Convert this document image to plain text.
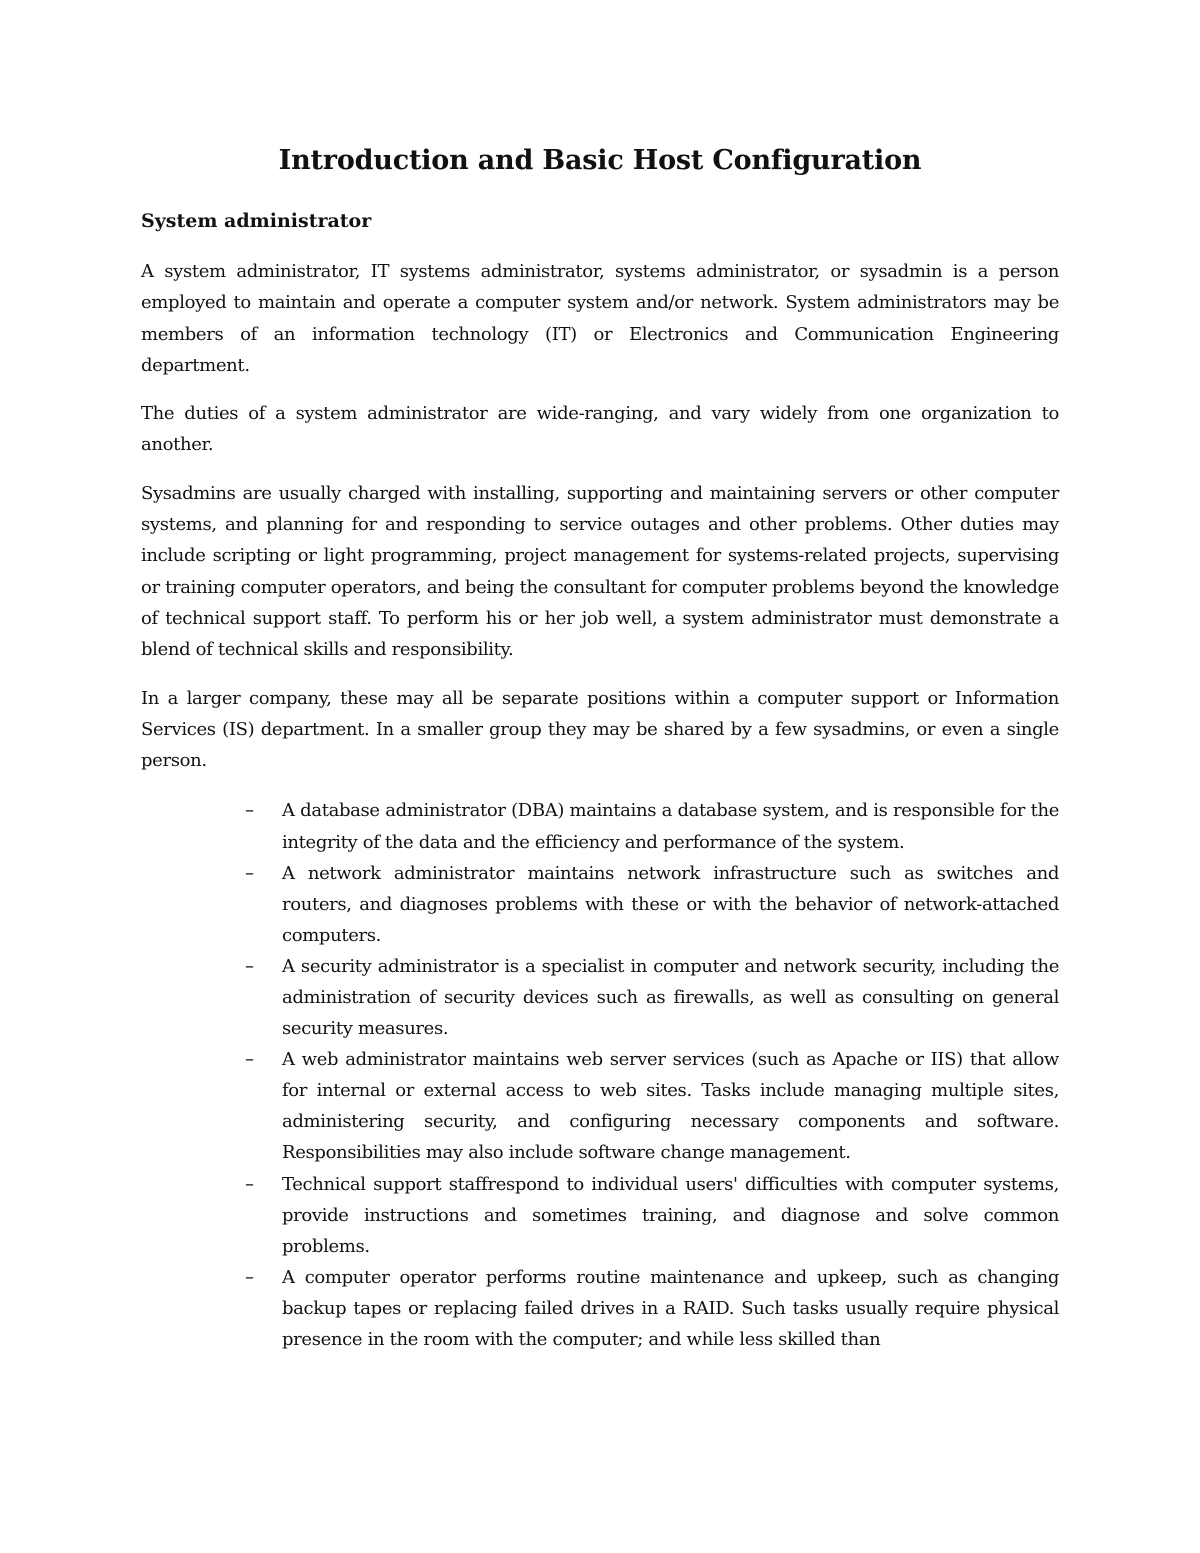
Introduction and Basic Host Configuration
System administrator

A system administrator, IT systems administrator, systems administrator, or sysadmin is a person employed to maintain and operate a computer system and/or network. System administrators may be members of an information technology (IT) or Electronics and Communication Engineering department.

The duties of a system administrator are wide-ranging, and vary widely from one organization to another.

Sysadmins are usually charged with installing, supporting and maintaining servers or other computer systems, and planning for and responding to service outages and other problems. Other duties may include scripting or light programming, project management for systems-related projects, supervising or training computer operators, and being the consultant for computer problems beyond the knowledge of technical support staff. To perform his or her job well, a system administrator must demonstrate a blend of technical skills and responsibility.

In a larger company, these may all be separate positions within a computer support or Information Services (IS) department. In a smaller group they may be shared by a few sysadmins, or even a single person.

– A database administrator (DBA) maintains a database system, and is responsible for the integrity of the data and the efficiency and performance of the system.
– A network administrator maintains network infrastructure such as switches and routers, and diagnoses problems with these or with the behavior of network-attached computers.
– A security administrator is a specialist in computer and network security, including the administration of security devices such as firewalls, as well as consulting on general security measures.
– A web administrator maintains web server services (such as Apache or IIS) that allow for internal or external access to web sites. Tasks include managing multiple sites, administering security, and configuring necessary components and software. Responsibilities may also include software change management.
– Technical support staffrespond to individual users' difficulties with computer systems, provide instructions and sometimes training, and diagnose and solve common problems.
– A computer operator performs routine maintenance and upkeep, such as changing backup tapes or replacing failed drives in a RAID. Such tasks usually require physical presence in the room with the computer; and while less skilled than
